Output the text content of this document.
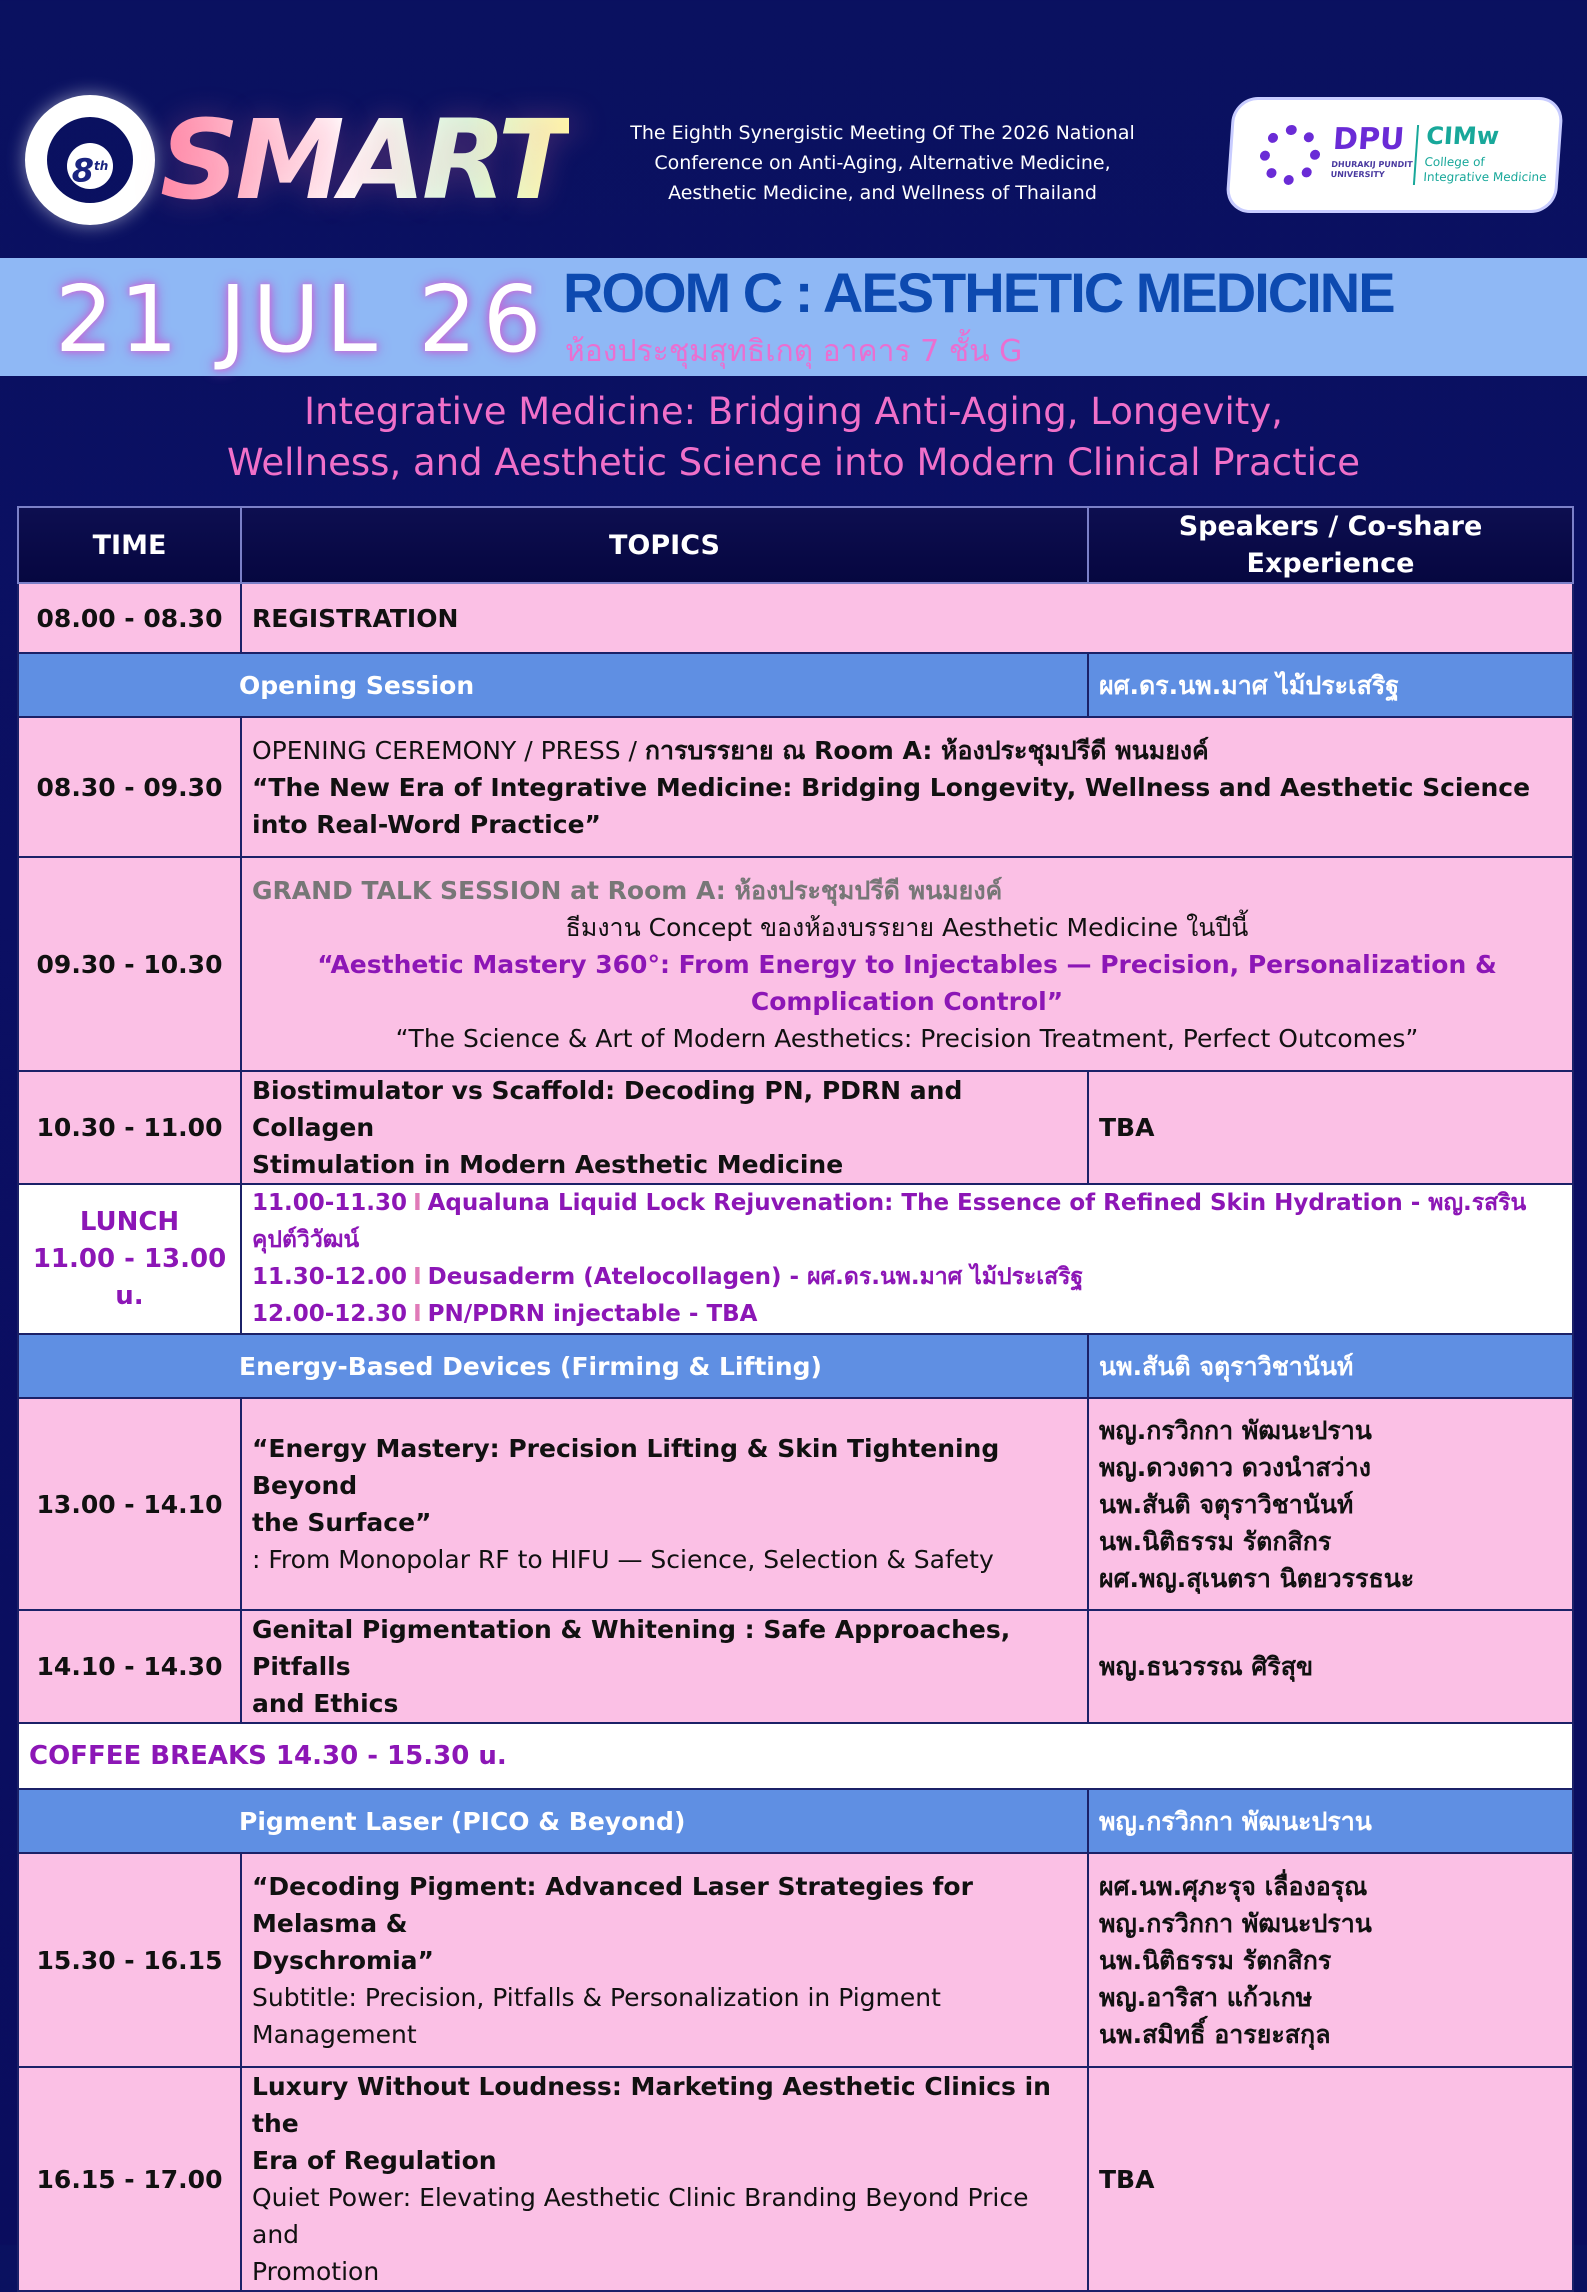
8th SMART	The Eighth Synergistic Meeting Of The 2026 National
Conference on Anti-Aging, Alternative Medicine,
Aesthetic Medicine, and Wellness of Thailand
DPU
DHURAKIJ PUNDIT
UNIVERSITY
CIMw
College of
Integrative Medicine
21 JUL 26 ROOM C : AESTHETIC MEDICINE
ห้องประชุมสุทธิเกตุ อาคาร 7 ชั้น G
Integrative Medicine: Bridging Anti-Aging, Longevity,
Wellness, and Aesthetic Science into Modern Clinical Practice
TIME	TOPICS	Speakers / Co-share Experience
08.00 - 08.30	REGISTRATION	
Opening Session		ผศ.ดร.นพ.มาศ ไม้ประเสริฐ
08.30 - 09.30	OPENING CEREMONY / PRESS / การบรรยาย ณ Room A: ห้องประชุมปรีดี พนมยงค์
“The New Era of Integrative Medicine: Bridging Longevity, Wellness and Aesthetic Science into Real-Word Practice”	

09.30 - 10.30	GRAND TALK SESSION at Room A: ห้องประชุมปรีดี พนมยงค์
ธีมงาน Concept ของห้องบรรยาย Aesthetic Medicine ในปีนี้
“Aesthetic Mastery 360°: From Energy to Injectables — Precision, Personalization &
Complication Control”
“The Science & Art of Modern Aesthetics: Precision Treatment, Perfect Outcomes”	

10.30 - 11.00	Biostimulator vs Scaffold: Decoding PN, PDRN and Collagen
Stimulation in Modern Aesthetic Medicine	TBA

LUNCH
11.00 - 13.00 u.	11.00-11.30 I Aqualuna Liquid Lock Rejuvenation: The Essence of Refined Skin Hydration - พญ.รสริน คุปต์วิวัฒน์
11.30-12.00 I Deusaderm (Atelocollagen) - ผศ.ดร.นพ.มาศ ไม้ประเสริฐ
12.00-12.30 I PN/PDRN injectable - TBA	

Energy-Based Devices (Firming & Lifting)		นพ.สันติ จตุราวิชานันท์
13.00 - 14.10	“Energy Mastery: Precision Lifting & Skin Tightening Beyond
the Surface”
: From Monopolar RF to HIFU — Science, Selection & Safety	พญ.กรวิกกา พัฒนะปราน
พญ.ดวงดาว ดวงนำสว่าง
นพ.สันติ จตุราวิชานันท์
นพ.นิติธรรม รัตกสิกร
ผศ.พญ.สุเนตรา นิตยวรรธนะ

14.10 - 14.30	Genital Pigmentation & Whitening : Safe Approaches, Pitfalls
and Ethics	พญ.ธนวรรณ ศิริสุข
COFFEE BREAKS 14.30 - 15.30 u.		
Pigment Laser (PICO & Beyond)		พญ.กรวิกกา พัฒนะปราน
15.30 - 16.15	“Decoding Pigment: Advanced Laser Strategies for Melasma &
Dyschromia”
Subtitle: Precision, Pitfalls & Personalization in Pigment
Management	ผศ.นพ.ศุภะรุจ เลื่องอรุณ
พญ.กรวิกกา พัฒนะปราน
นพ.นิติธรรม รัตกสิกร
พญ.อาริสา แก้วเกษ
นพ.สมิทธิ์ อารยะสกุล

16.15 - 17.00	Luxury Without Loudness: Marketing Aesthetic Clinics in the
Era of Regulation
Quiet Power: Elevating Aesthetic Clinic Branding Beyond Price and
Promotion	TBA
